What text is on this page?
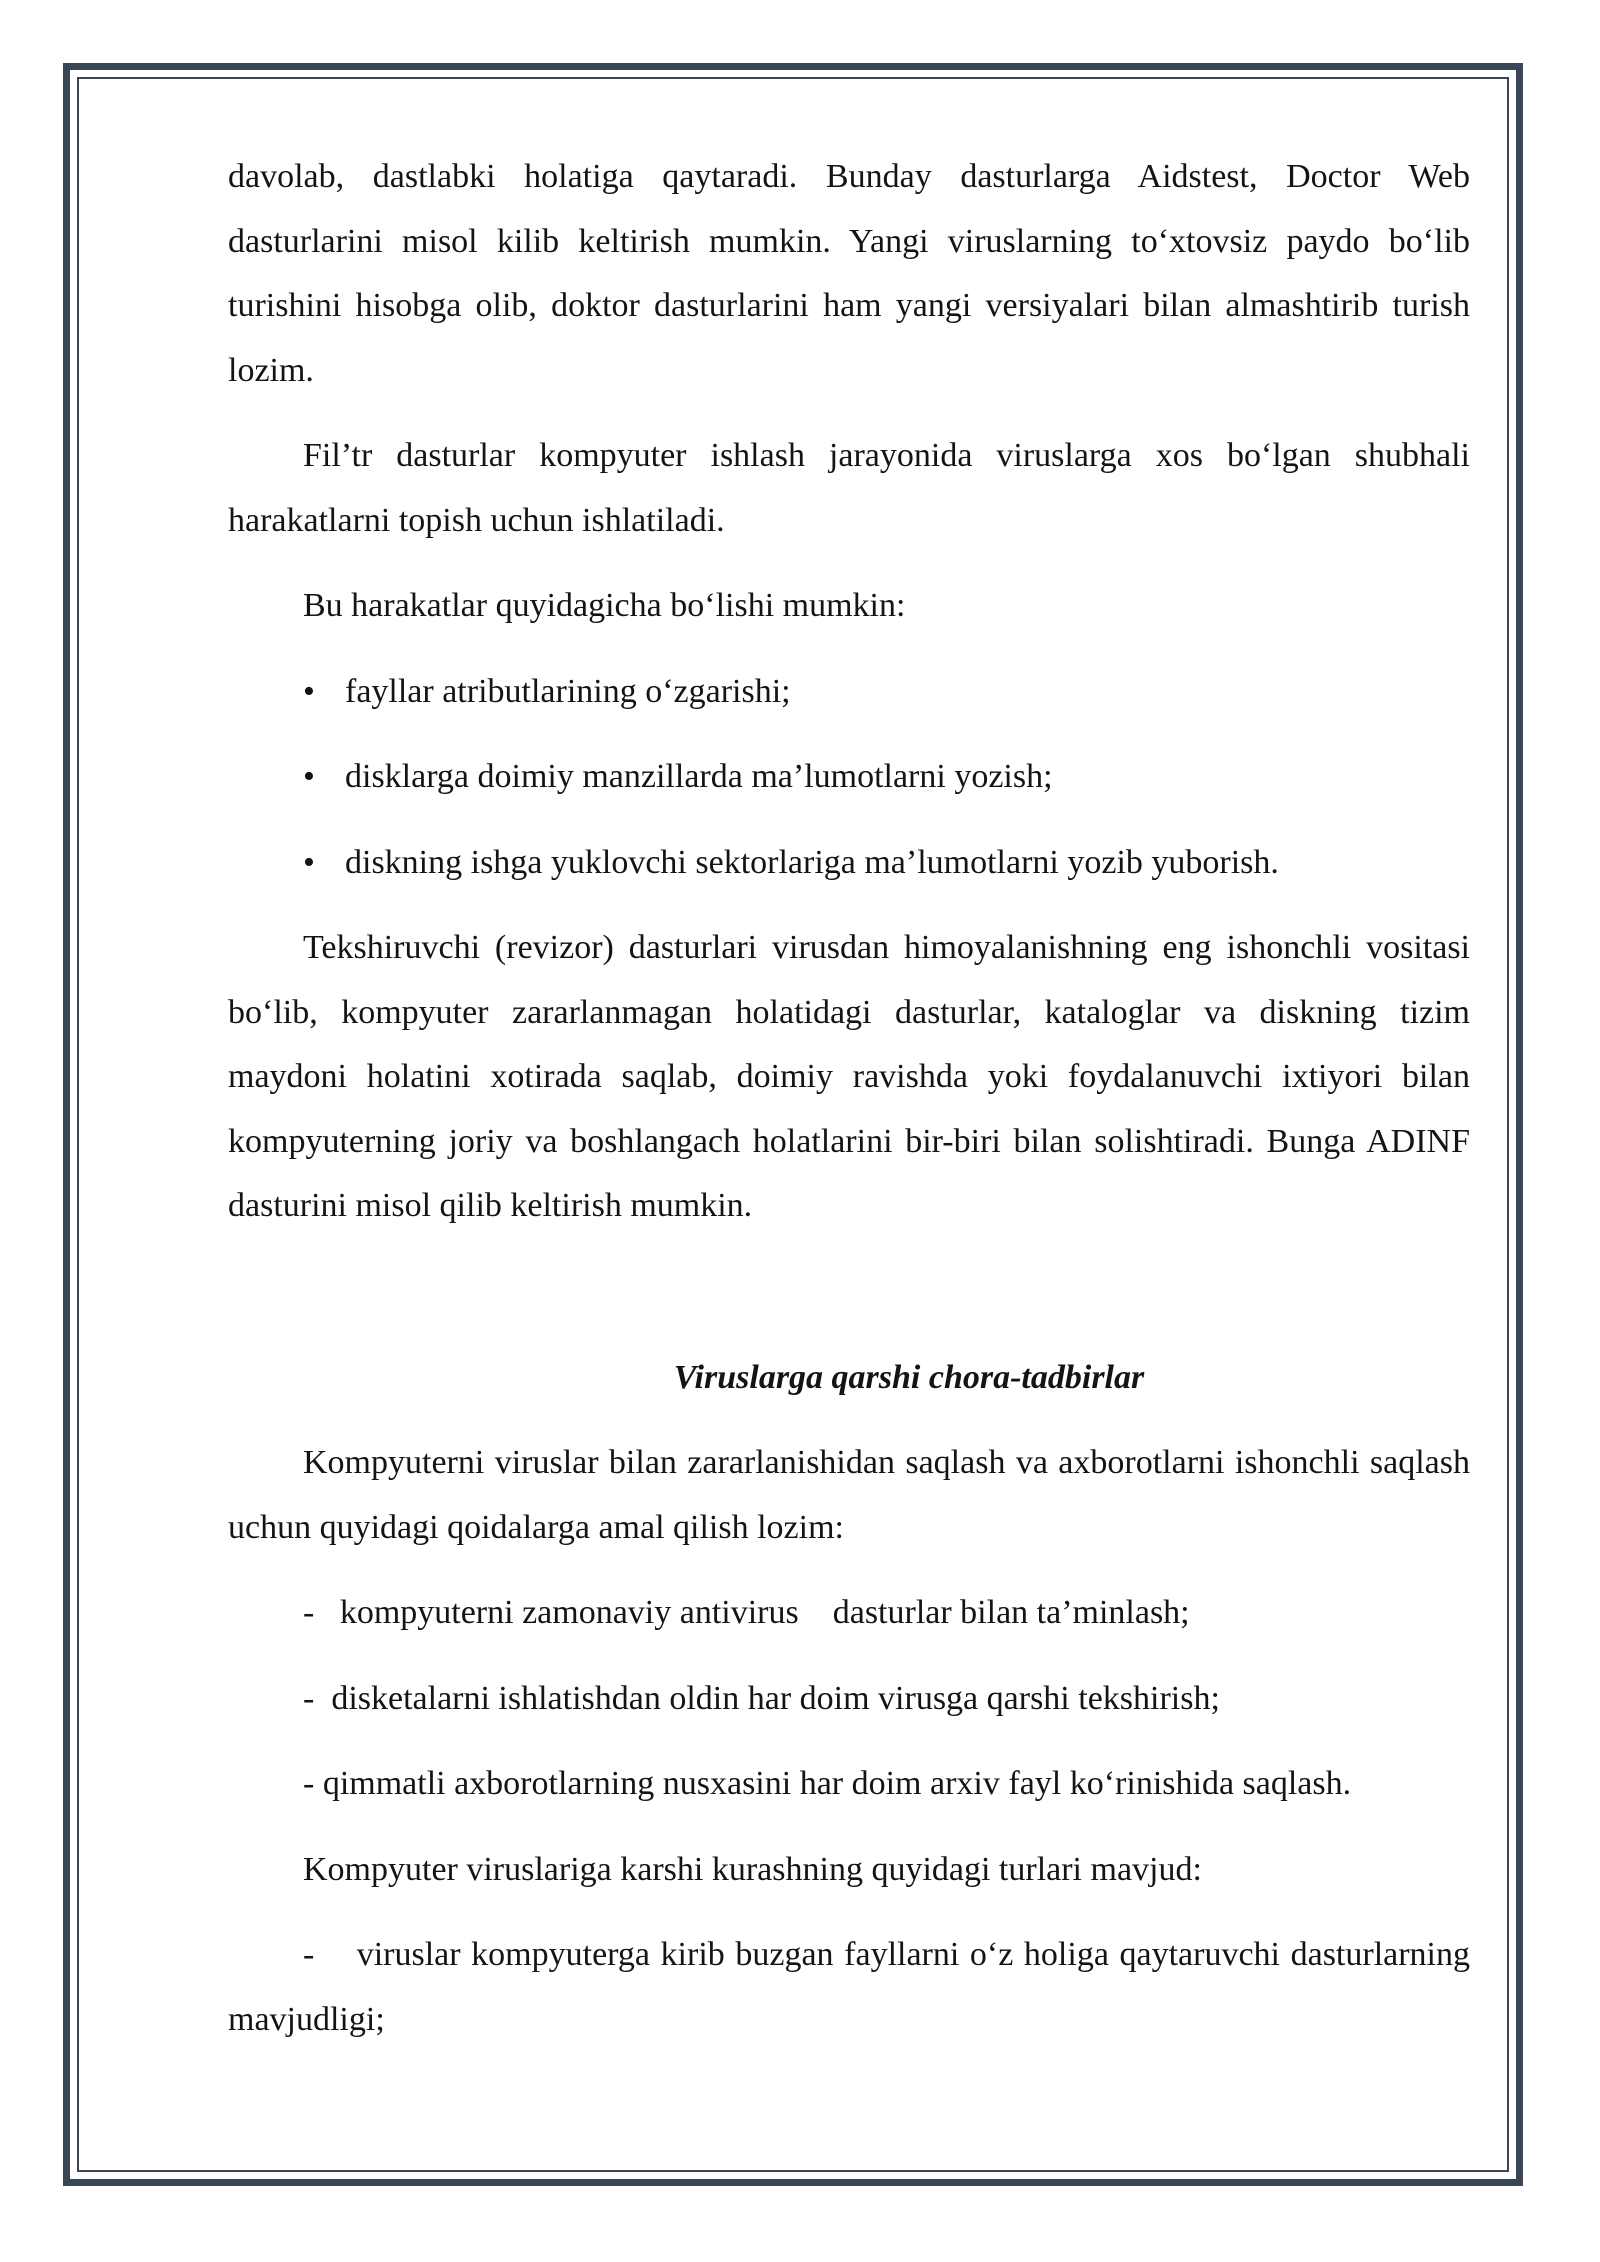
davolab, dastlabki holatiga qaytaradi. Bunday dasturlarga Aidstest, Doctor Web dasturlarini misol kilib keltirish mumkin. Yangi viruslarning to‘xtovsiz paydo bo‘lib turishini hisobga olib, doktor dasturlarini ham yangi versiyalari bilan almashtirib turish lozim.

Fil’tr dasturlar kompyuter ishlash jarayonida viruslarga xos bo‘lgan shubhali harakatlarni topish uchun ishlatiladi.

Bu harakatlar quyidagicha bo‘lishi mumkin:

• fayllar atributlarining o‘zgarishi;

• disklarga doimiy manzillarda ma’lumotlarni yozish;

• diskning ishga yuklovchi sektorlariga ma’lumotlarni yozib yuborish.

Tekshiruvchi (revizor) dasturlari virusdan himoyalanishning eng ishonchli vositasi bo‘lib, kompyuter zararlanmagan holatidagi dasturlar, kataloglar va diskning tizim maydoni holatini xotirada saqlab, doimiy ravishda yoki foydalanuvchi ixtiyori bilan kompyuterning joriy va boshlangach holatlarini bir-biri bilan solishtiradi. Bunga ADINF dasturini misol qilib keltirish mumkin.

Viruslarga qarshi chora-tadbirlar

Kompyuterni viruslar bilan zararlanishidan saqlash va axborotlarni ishonchli saqlash uchun quyidagi qoidalarga amal qilish lozim:

-   kompyuterni zamonaviy antivirus    dasturlar bilan ta’minlash;

-  disketalarni ishlatishdan oldin har doim virusga qarshi tekshirish;

- qimmatli axborotlarning nusxasini har doim arxiv fayl ko‘rinishida saqlash.

Kompyuter viruslariga karshi kurashning quyidagi turlari mavjud:

-    viruslar kompyuterga kirib buzgan fayllarni o‘z holiga qaytaruvchi dasturlarning mavjudligi;
